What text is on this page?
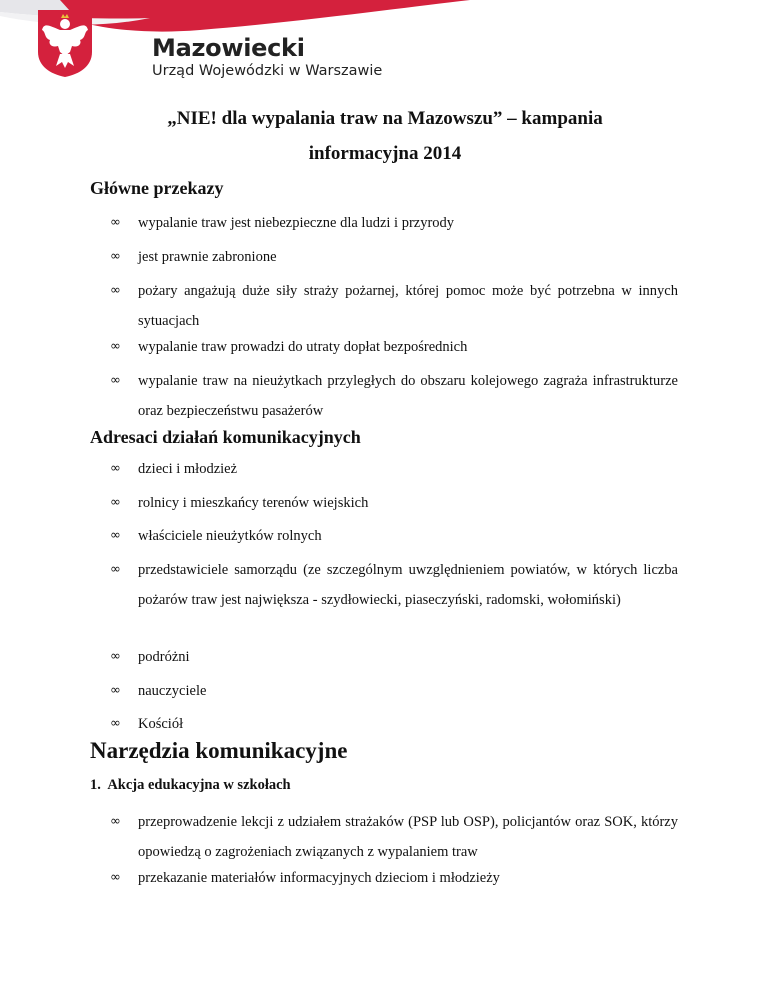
Mazowiecki

Urząd Wojewódzki w Warszawie

„NIE! dla wypalania traw na Mazowszu” – kampania

informacyjna 2014

Główne przekazy

∞	wypalanie traw jest niebezpieczne dla ludzi i przyrody
∞	jest prawnie zabronione
∞	pożary angażują duże siły straży pożarnej, której pomoc może być potrzebna w innych sytuacjach
∞	wypalanie traw prowadzi do utraty dopłat bezpośrednich
∞	wypalanie traw na nieużytkach przyległych do obszaru kolejowego zagraża infrastrukturze oraz bezpieczeństwu pasażerów

Adresaci działań komunikacyjnych

∞	dzieci i młodzież
∞	rolnicy i mieszkańcy terenów wiejskich
∞	właściciele nieużytków rolnych
∞	przedstawiciele samorządu (ze szczególnym uwzględnieniem powiatów, w których liczba pożarów traw jest największa - szydłowiecki, piaseczyński, radomski, wołomiński)
∞	podróżni
∞	nauczyciele
∞	Kościół

Narzędzia komunikacyjne

1.  Akcja edukacyjna w szkołach

∞	przeprowadzenie lekcji z udziałem strażaków (PSP lub OSP), policjantów oraz SOK, którzy opowiedzą o zagrożeniach związanych z wypalaniem traw
∞	przekazanie materiałów informacyjnych dzieciom i młodzieży
